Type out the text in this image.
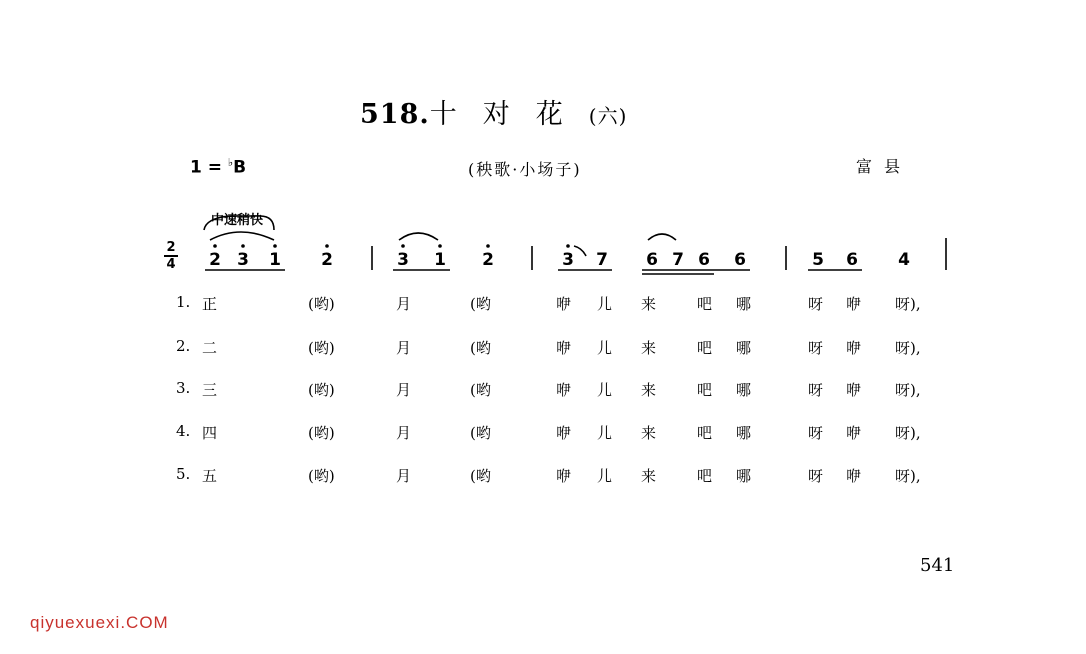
518.十对花(六)
1 = ♭B	(秧歌·小场子)	富县
中速稍快
2
4 2 3 1 2	3 1 2	3 7 6 7 6 6	5 6 4
1. 正	(哟)	月	(哟	咿 儿 来	吧 哪	呀 咿 呀),
2. 二	(哟)	月	(哟	咿 儿 来	吧 哪	呀 咿 呀),
3. 三	(哟)	月	(哟	咿 儿 来	吧 哪	呀 咿 呀),
4. 四	(哟)	月	(哟	咿 儿 来	吧 哪	呀 咿 呀),
5. 五	(哟)	月	(哟	咿 儿 来	吧 哪	呀 咿 呀),
541
qiyuexuexi.COM
